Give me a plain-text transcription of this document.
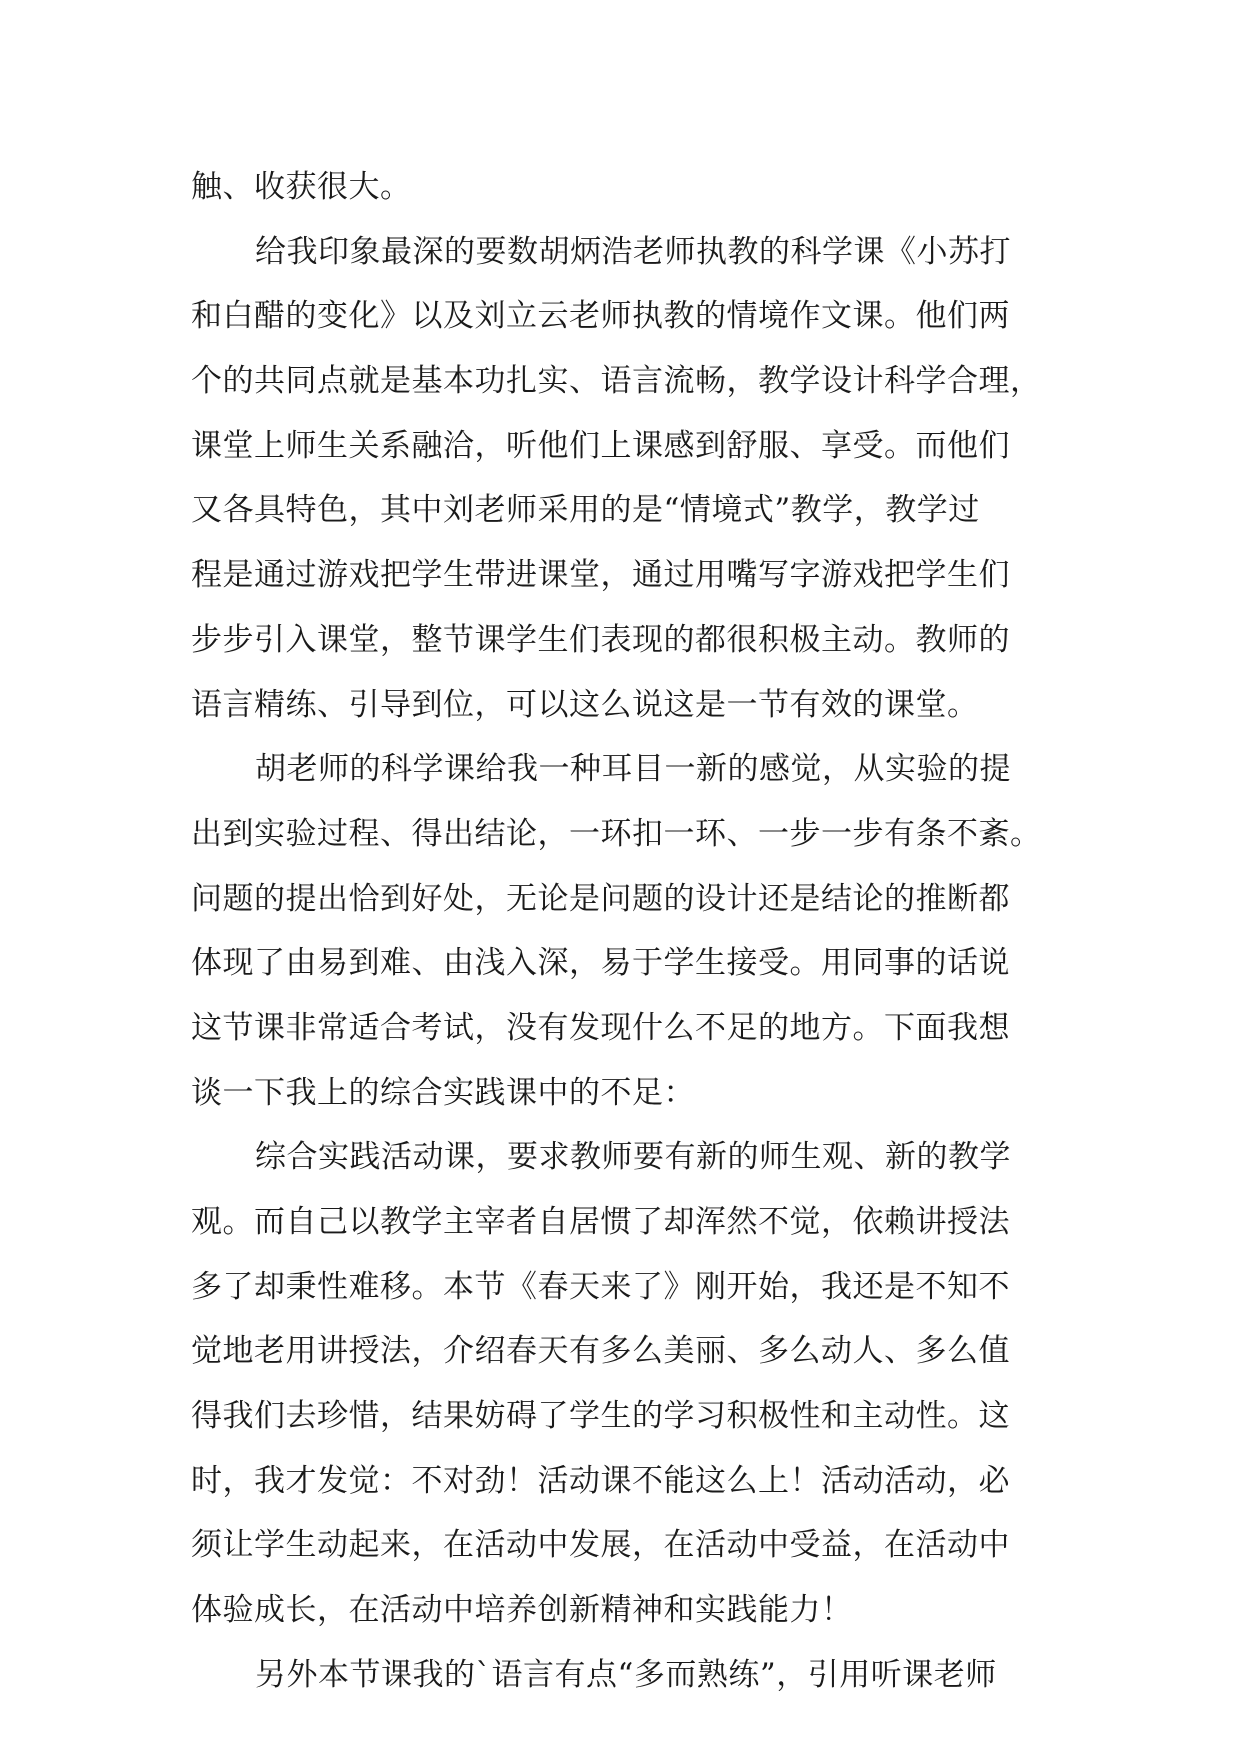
触、收获很大。
给我印象最深的要数胡炳浩老师执教的科学课《小苏打
和白醋的变化》以及刘立云老师执教的情境作文课。他们两
个的共同点就是基本功扎实、语言流畅，教学设计科学合理，
课堂上师生关系融洽，听他们上课感到舒服、享受。而他们
又各具特色，其中刘老师采用的是“情境式”教学，教学过
程是通过游戏把学生带进课堂，通过用嘴写字游戏把学生们
步步引入课堂，整节课学生们表现的都很积极主动。教师的
语言精练、引导到位，可以这么说这是一节有效的课堂。
胡老师的科学课给我一种耳目一新的感觉，从实验的提
出到实验过程、得出结论，一环扣一环、一步一步有条不紊。
问题的提出恰到好处，无论是问题的设计还是结论的推断都
体现了由易到难、由浅入深，易于学生接受。用同事的话说
这节课非常适合考试，没有发现什么不足的地方。下面我想
谈一下我上的综合实践课中的不足：
综合实践活动课，要求教师要有新的师生观、新的教学
观。而自己以教学主宰者自居惯了却浑然不觉，依赖讲授法
多了却秉性难移。本节《春天来了》刚开始，我还是不知不
觉地老用讲授法，介绍春天有多么美丽、多么动人、多么值
得我们去珍惜，结果妨碍了学生的学习积极性和主动性。这
时，我才发觉：不对劲！活动课不能这么上！活动活动，必
须让学生动起来，在活动中发展，在活动中受益，在活动中
体验成长，在活动中培养创新精神和实践能力！
另外本节课我的`语言有点“多而熟练”，引用听课老师
